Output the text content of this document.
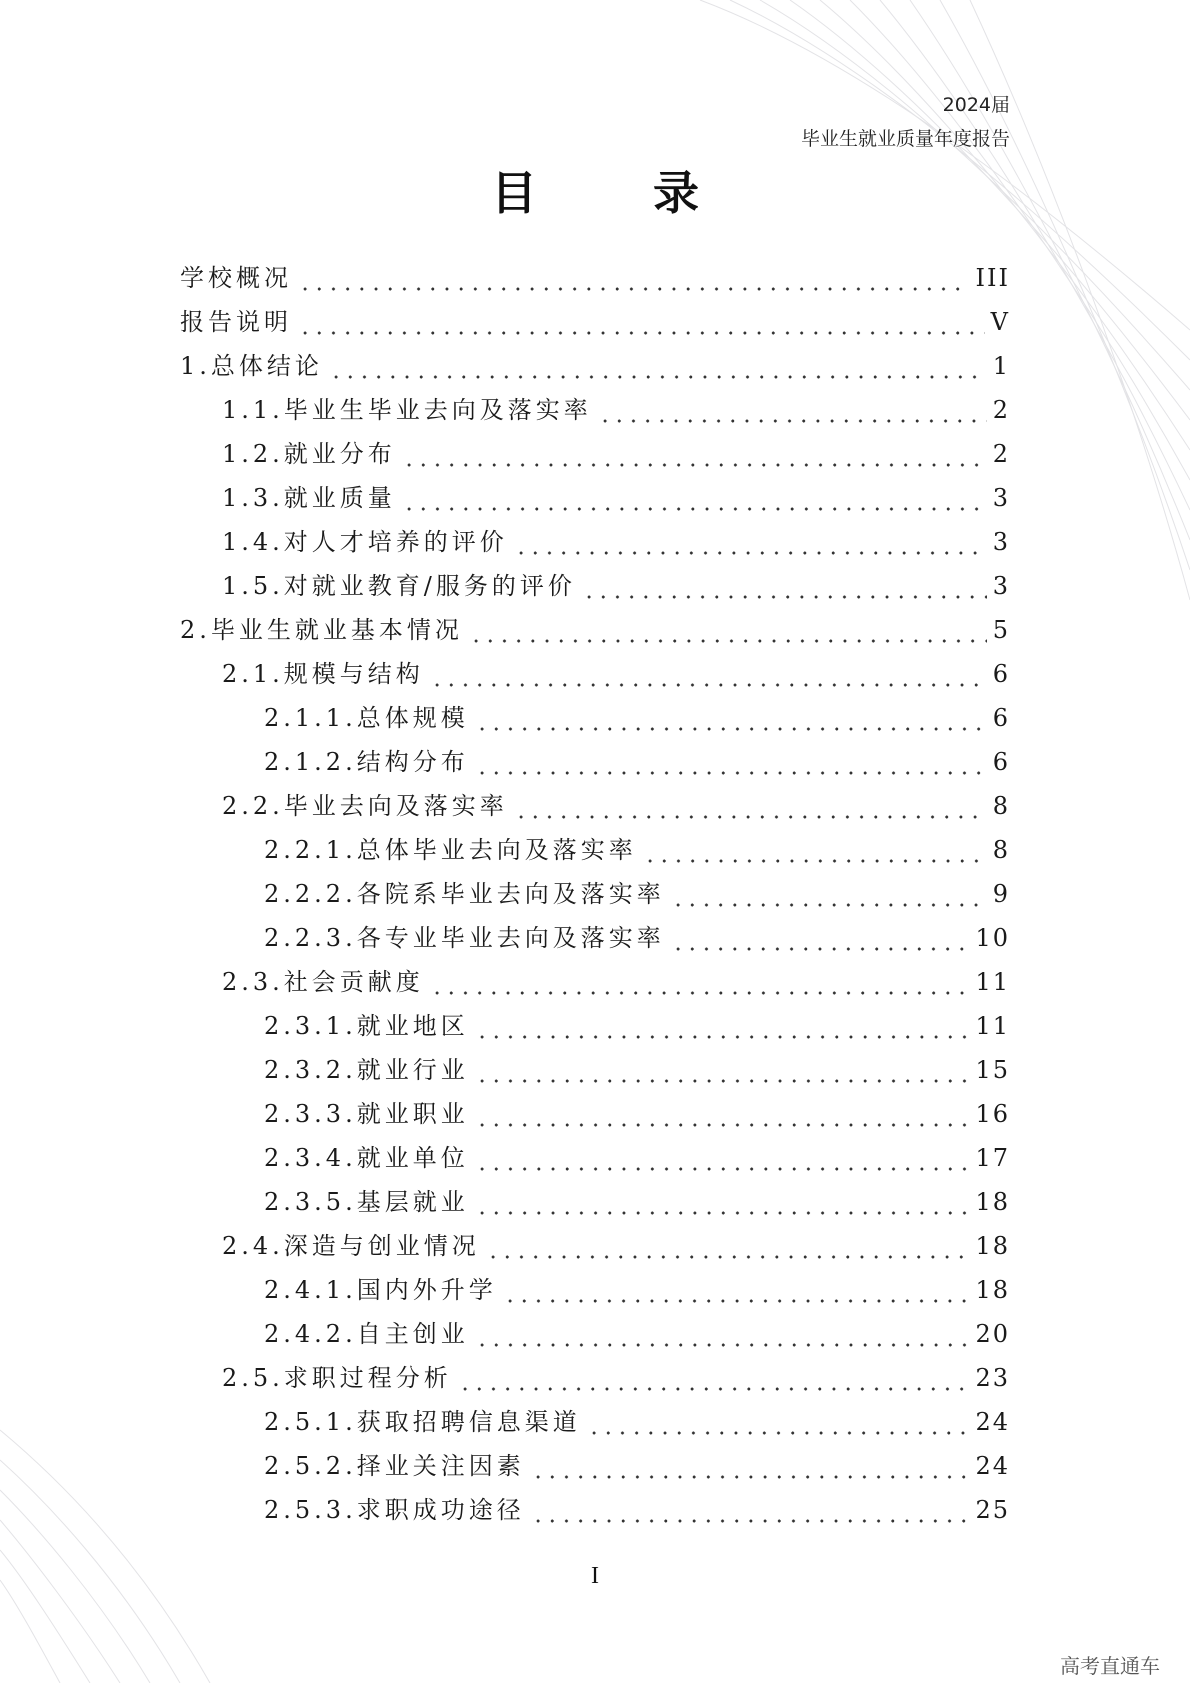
2024届
毕业生就业质量年度报告
目 录
学校概况	III
报告说明	V
1.总体结论	1
1.1.毕业生毕业去向及落实率	2
1.2.就业分布	2
1.3.就业质量	3
1.4.对人才培养的评价	3
1.5.对就业教育/服务的评价	3
2.毕业生就业基本情况	5
2.1.规模与结构	6
2.1.1.总体规模	6
2.1.2.结构分布	6
2.2.毕业去向及落实率	8
2.2.1.总体毕业去向及落实率	8
2.2.2.各院系毕业去向及落实率	9
2.2.3.各专业毕业去向及落实率	10
2.3.社会贡献度	11
2.3.1.就业地区	11
2.3.2.就业行业	15
2.3.3.就业职业	16
2.3.4.就业单位	17
2.3.5.基层就业	18
2.4.深造与创业情况	18
2.4.1.国内外升学	18
2.4.2.自主创业	20
2.5.求职过程分析	23
2.5.1.获取招聘信息渠道	24
2.5.2.择业关注因素	24
2.5.3.求职成功途径	25
I
高考直通车
